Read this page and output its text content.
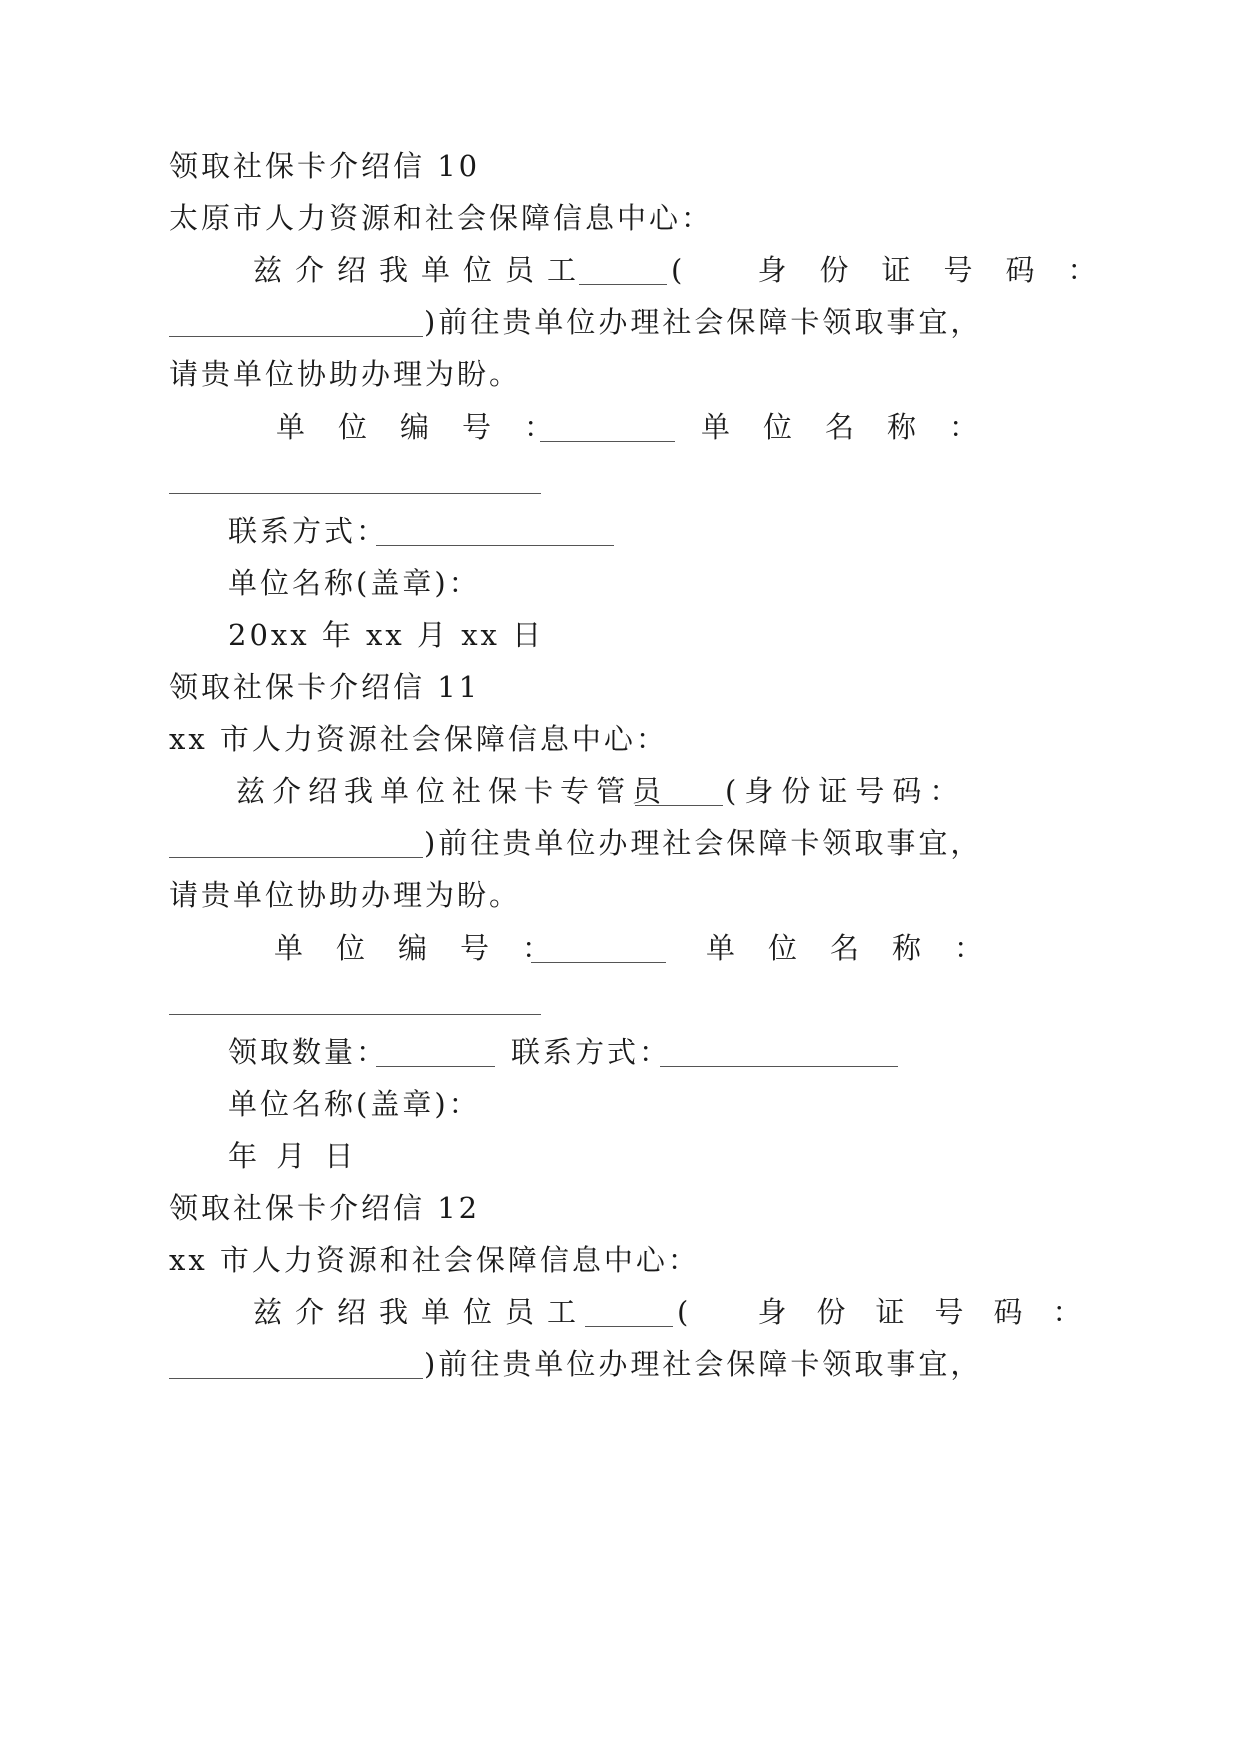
领取社保卡介绍信 10
太原市人力资源和社会保障信息中心：
兹介绍我单位员工	( 身份证号码：
)前往贵单位办理社会保障卡领取事宜，
请贵单位协助办理为盼。
单位编号：	单位名称：
联系方式：
单位名称(盖章)：
20xx 年 xx 月 xx 日
领取社保卡介绍信 11
xx 市人力资源社会保障信息中心：
兹介绍我单位社保卡专管员 (身份证号码：
)前往贵单位办理社会保障卡领取事宜，
请贵单位协助办理为盼。
单位编号：	单位名称：
领取数量：	联系方式：
单位名称(盖章)：
年 月 日
领取社保卡介绍信 12
xx 市人力资源和社会保障信息中心：
兹介绍我单位员工	( 身份证号码：
)前往贵单位办理社会保障卡领取事宜，
